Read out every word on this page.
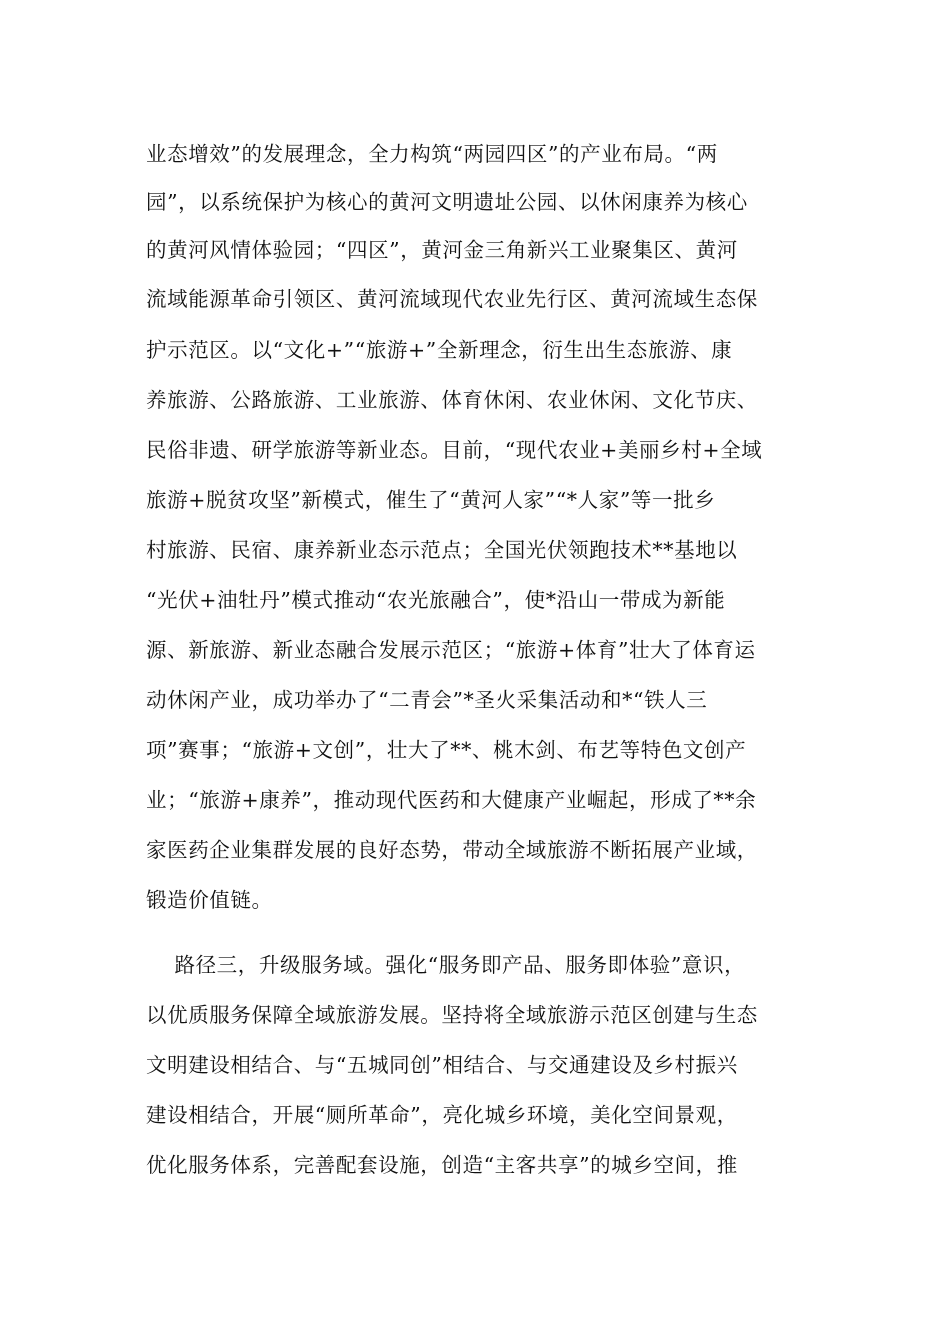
业态增效”的发展理念，全力构筑“两园四区”的产业布局。“两
园”，以系统保护为核心的黄河文明遗址公园、以休闲康养为核心
的黄河风情体验园；“四区”，黄河金三角新兴工业聚集区、黄河
流域能源革命引领区、黄河流域现代农业先行区、黄河流域生态保
护示范区。以“文化+”“旅游+”全新理念，衍生出生态旅游、康
养旅游、公路旅游、工业旅游、体育休闲、农业休闲、文化节庆、
民俗非遗、研学旅游等新业态。目前，“现代农业+美丽乡村+全域
旅游+脱贫攻坚”新模式，催生了“黄河人家”“*人家”等一批乡
村旅游、民宿、康养新业态示范点；全国光伏领跑技术**基地以
“光伏+油牡丹”模式推动“农光旅融合”，使*沿山一带成为新能
源、新旅游、新业态融合发展示范区；“旅游+体育”壮大了体育运
动休闲产业，成功举办了“二青会”*圣火采集活动和*“铁人三
项”赛事；“旅游+文创”，壮大了**、桃木剑、布艺等特色文创产
业；“旅游+康养”，推动现代医药和大健康产业崛起，形成了**余
家医药企业集群发展的良好态势，带动全域旅游不断拓展产业域，
锻造价值链。
路径三，升级服务域。强化“服务即产品、服务即体验”意识，
以优质服务保障全域旅游发展。坚持将全域旅游示范区创建与生态
文明建设相结合、与“五城同创”相结合、与交通建设及乡村振兴
建设相结合，开展“厕所革命”，亮化城乡环境，美化空间景观，
优化服务体系，完善配套设施，创造“主客共享”的城乡空间，推
